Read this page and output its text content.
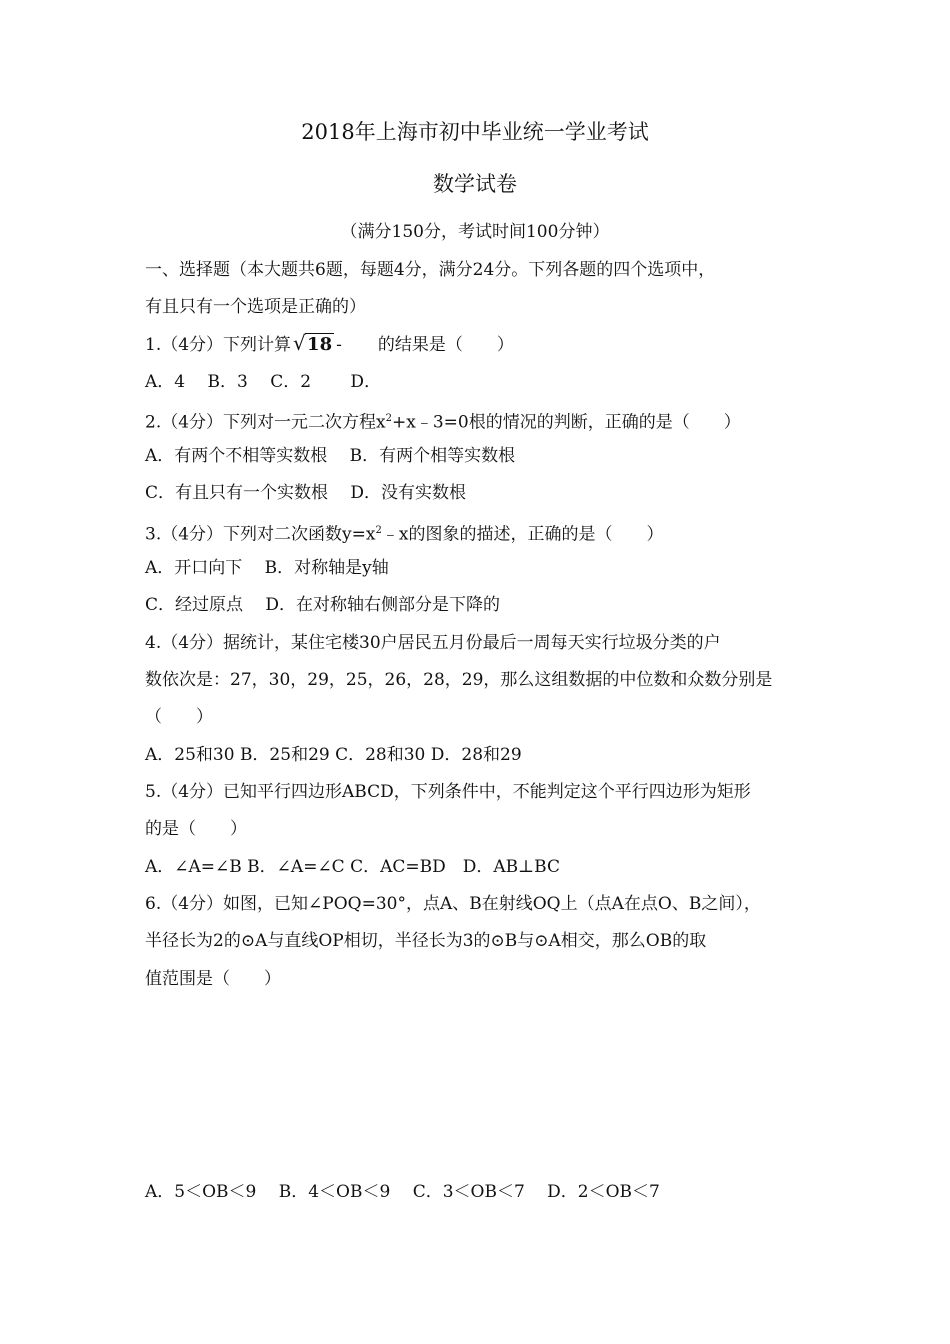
2018年上海市初中毕业统一学业考试
数学试卷
（满分150分，考试时间100分钟）
一、选择题（本大题共6题，每题4分，满分24分。下列各题的四个选项中，
有且只有一个选项是正确的）
1.（4分）下列计算 √ 18 - 的结果是（　　）
A．4　 B．3　 C．2　　 D．
2.（4分）下列对一元二次方程$x^2+x﹣3=0$根的情况的判断，正确的是（　　）
A．有两个不相等实数根　 B．有两个相等实数根
C．有且只有一个实数根　 D．没有实数根
3.（4分）下列对二次函数$y=x^2﹣x$的图象的描述，正确的是（　　）
A．开口向下　 B．对称轴是y轴
C．经过原点　 D．在对称轴右侧部分是下降的
4.（4分）据统计，某住宅楼30户居民五月份最后一周每天实行垃圾分类的户
数依次是：27，30，29，25，26，28，29，那么这组数据的中位数和众数分别是
（　　）
A．25和30 B．25和29 C．28和30 D．28和29
5.（4分）已知平行四边形ABCD，下列条件中，不能判定这个平行四边形为矩形
的是（　　）
A．∠A=∠B B．∠A=∠C C．AC=BD　D．AB⊥BC
6.（4分）如图，已知∠POQ=30°，点A、B在射线OQ上（点A在点O、B之间），
半径长为2的⊙A与直线OP相切，半径长为3的⊙B与⊙A相交，那么OB的取
值范围是（　　）
A．5＜OB＜9　 B．4＜OB＜9　 C．3＜OB＜7　 D．2＜OB＜7
